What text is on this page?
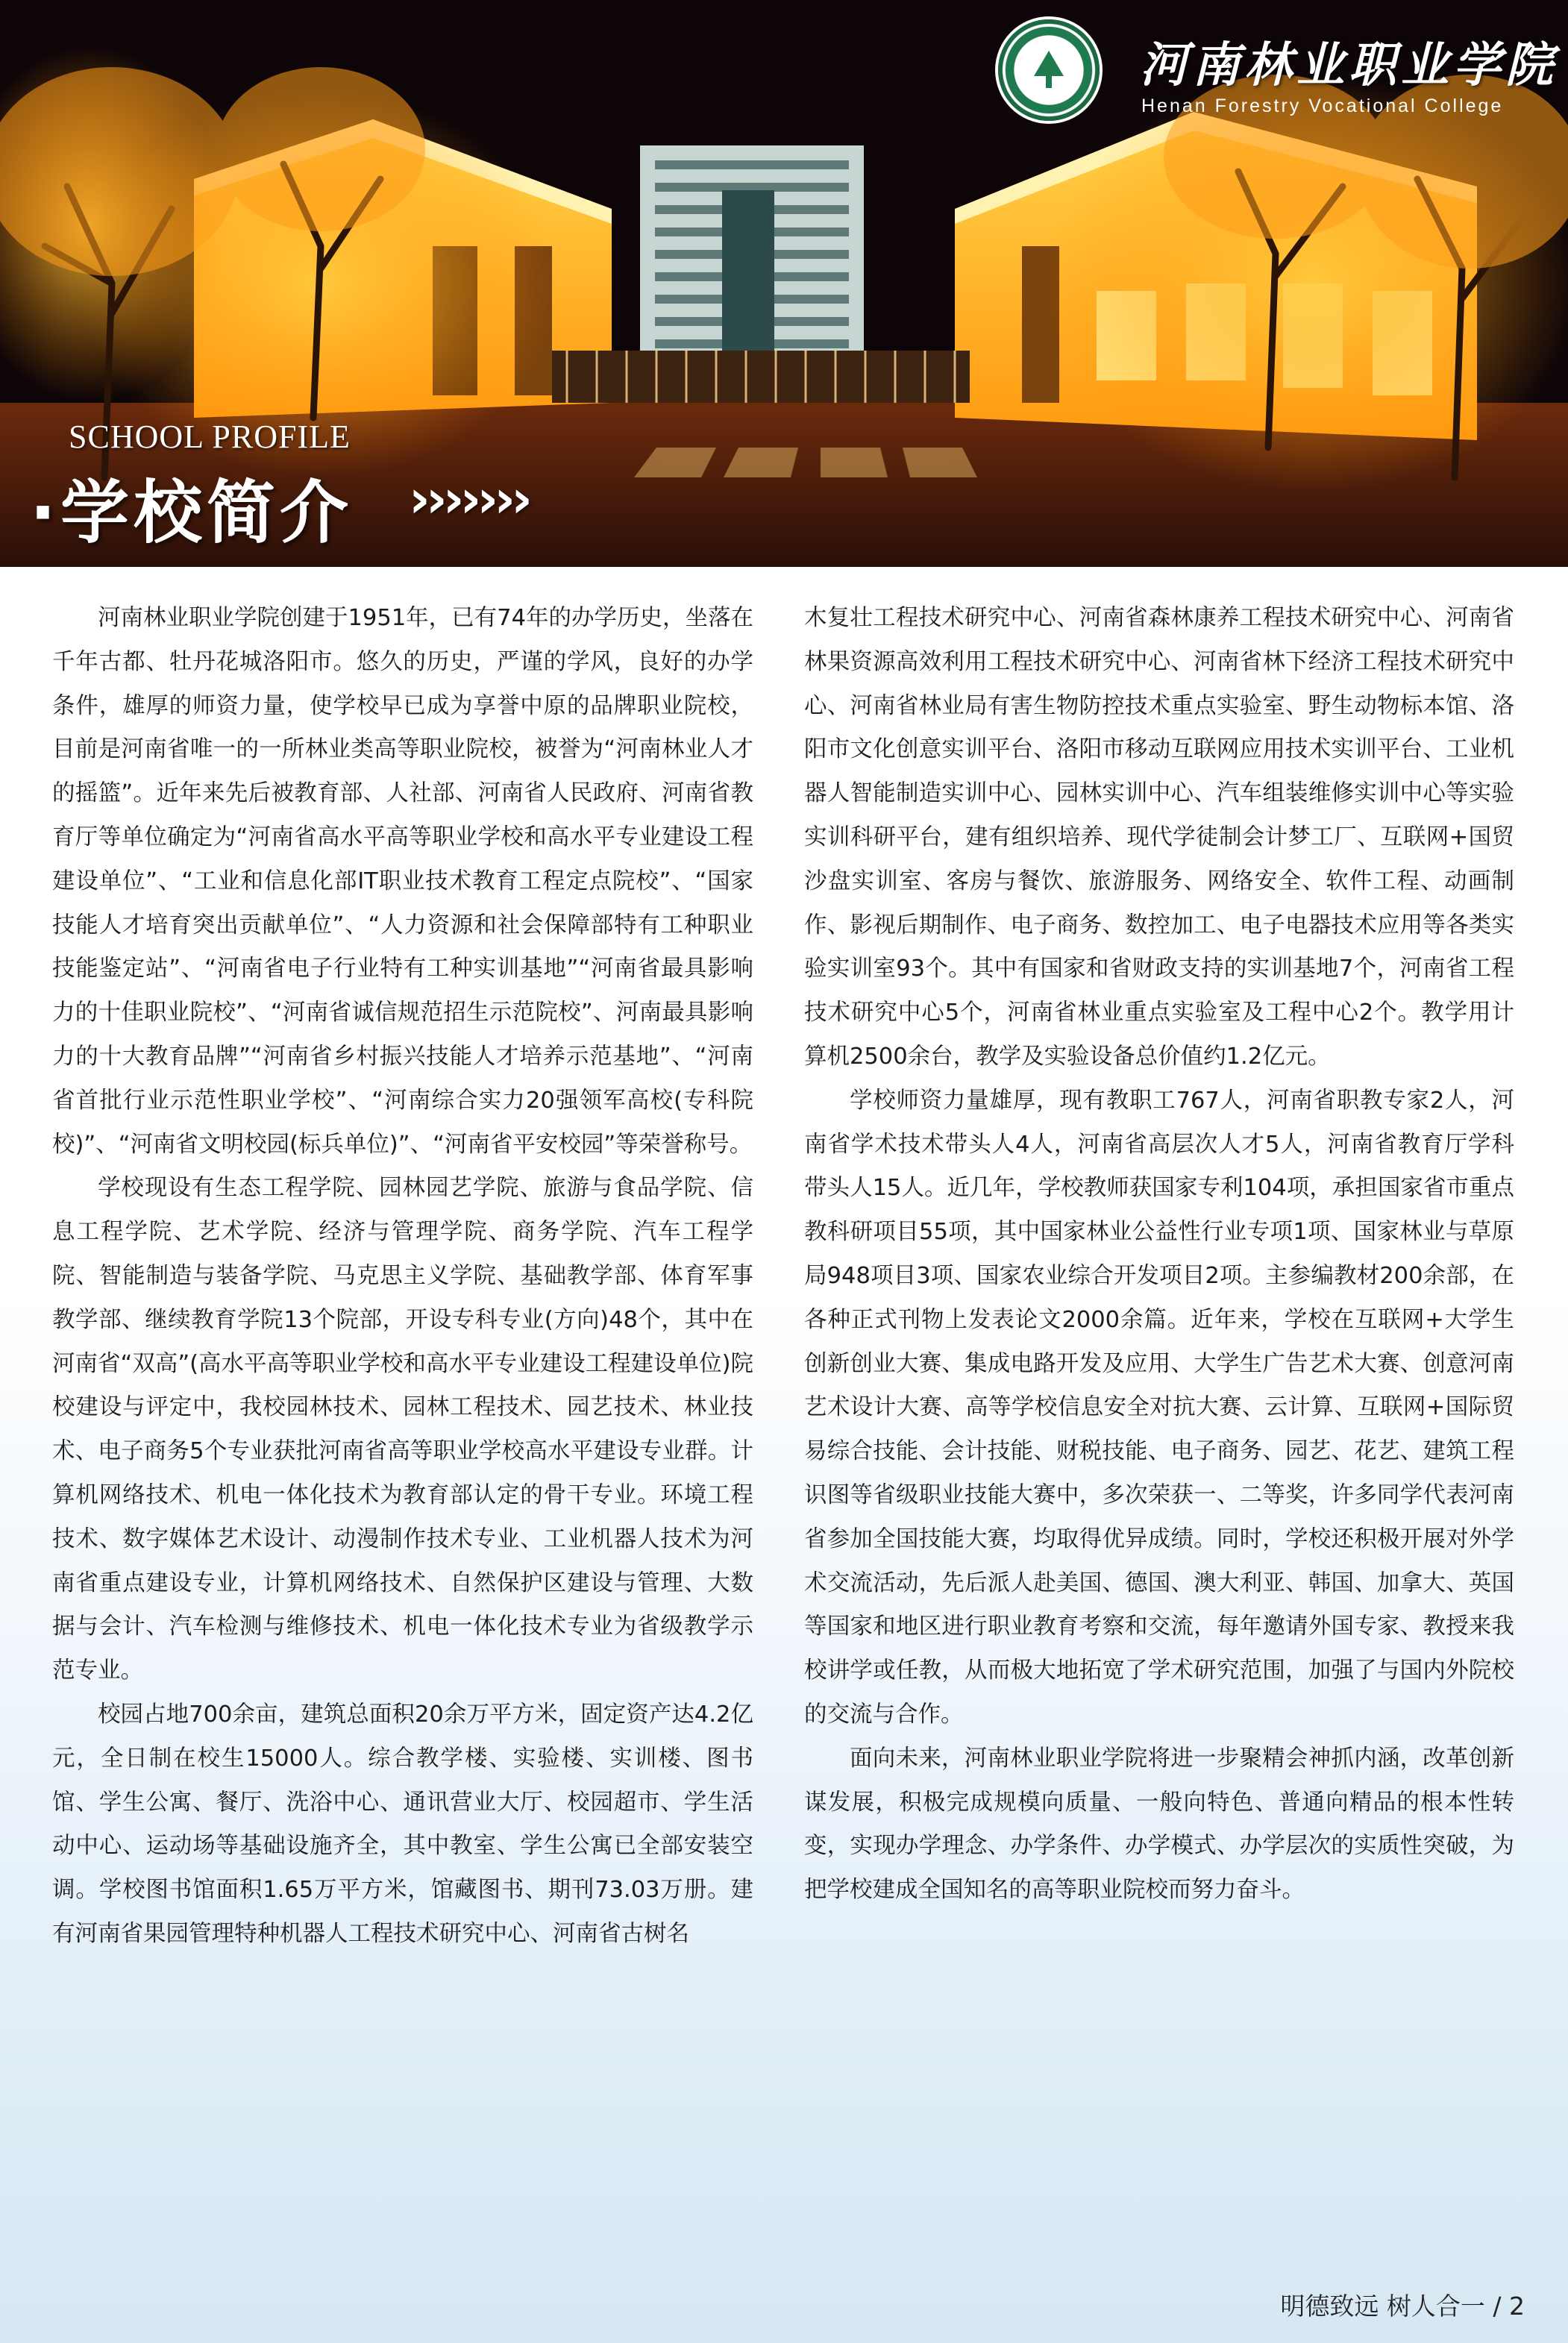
河南林业职业学院
Henan Forestry Vocational College
SCHOOL PROFILE
·学校简介 ›››››››

河南林业职业学院创建于1951年，已有74年的办学历史，坐落在千年古都、牡丹花城洛阳市。悠久的历史，严谨的学风，良好的办学条件，雄厚的师资力量，使学校早已成为享誉中原的品牌职业院校，目前是河南省唯一的一所林业类高等职业院校，被誉为“河南林业人才的摇篮”。近年来先后被教育部、人社部、河南省人民政府、河南省教育厅等单位确定为“河南省高水平高等职业学校和高水平专业建设工程建设单位”、“工业和信息化部IT职业技术教育工程定点院校”、“国家技能人才培育突出贡献单位”、“人力资源和社会保障部特有工种职业技能鉴定站”、“河南省电子行业特有工种实训基地”“河南省最具影响力的十佳职业院校”、“河南省诚信规范招生示范院校”、河南最具影响力的十大教育品牌”“河南省乡村振兴技能人才培养示范基地”、“河南省首批行业示范性职业学校”、“河南综合实力20强领军高校(专科院校)”、“河南省文明校园(标兵单位)”、“河南省平安校园”等荣誉称号。

学校现设有生态工程学院、园林园艺学院、旅游与食品学院、信息工程学院、艺术学院、经济与管理学院、商务学院、汽车工程学院、智能制造与装备学院、马克思主义学院、基础教学部、体育军事教学部、继续教育学院13个院部，开设专科专业(方向)48个，其中在河南省“双高”(高水平高等职业学校和高水平专业建设工程建设单位)院校建设与评定中，我校园林技术、园林工程技术、园艺技术、林业技术、电子商务5个专业获批河南省高等职业学校高水平建设专业群。计算机网络技术、机电一体化技术为教育部认定的骨干专业。环境工程技术、数字媒体艺术设计、动漫制作技术专业、工业机器人技术为河南省重点建设专业，计算机网络技术、自然保护区建设与管理、大数据与会计、汽车检测与维修技术、机电一体化技术专业为省级教学示范专业。

校园占地700余亩，建筑总面积20余万平方米，固定资产达4.2亿元，全日制在校生15000人。综合教学楼、实验楼、实训楼、图书馆、学生公寓、餐厅、洗浴中心、通讯营业大厅、校园超市、学生活动中心、运动场等基础设施齐全，其中教室、学生公寓已全部安装空调。学校图书馆面积1.65万平方米，馆藏图书、期刊73.03万册。建有河南省果园管理特种机器人工程技术研究中心、河南省古树名

木复壮工程技术研究中心、河南省森林康养工程技术研究中心、河南省林果资源高效利用工程技术研究中心、河南省林下经济工程技术研究中心、河南省林业局有害生物防控技术重点实验室、野生动物标本馆、洛阳市文化创意实训平台、洛阳市移动互联网应用技术实训平台、工业机器人智能制造实训中心、园林实训中心、汽车组装维修实训中心等实验实训科研平台，建有组织培养、现代学徒制会计梦工厂、互联网+国贸沙盘实训室、客房与餐饮、旅游服务、网络安全、软件工程、动画制作、影视后期制作、电子商务、数控加工、电子电器技术应用等各类实验实训室93个。其中有国家和省财政支持的实训基地7个，河南省工程技术研究中心5个，河南省林业重点实验室及工程中心2个。教学用计算机2500余台，教学及实验设备总价值约1.2亿元。

学校师资力量雄厚，现有教职工767人，河南省职教专家2人，河南省学术技术带头人4人，河南省高层次人才5人，河南省教育厅学科带头人15人。近几年，学校教师获国家专利104项，承担国家省市重点教科研项目55项，其中国家林业公益性行业专项1项、国家林业与草原局948项目3项、国家农业综合开发项目2项。主参编教材200余部，在各种正式刊物上发表论文2000余篇。近年来，学校在互联网+大学生创新创业大赛、集成电路开发及应用、大学生广告艺术大赛、创意河南艺术设计大赛、高等学校信息安全对抗大赛、云计算、互联网+国际贸易综合技能、会计技能、财税技能、电子商务、园艺、花艺、建筑工程识图等省级职业技能大赛中，多次荣获一、二等奖，许多同学代表河南省参加全国技能大赛，均取得优异成绩。同时，学校还积极开展对外学术交流活动，先后派人赴美国、德国、澳大利亚、韩国、加拿大、英国等国家和地区进行职业教育考察和交流，每年邀请外国专家、教授来我校讲学或任教，从而极大地拓宽了学术研究范围，加强了与国内外院校的交流与合作。

面向未来，河南林业职业学院将进一步聚精会神抓内涵，改革创新谋发展，积极完成规模向质量、一般向特色、普通向精品的根本性转变，实现办学理念、办学条件、办学模式、办学层次的实质性突破，为把学校建成全国知名的高等职业院校而努力奋斗。

明德致远 树人合一 / 2
